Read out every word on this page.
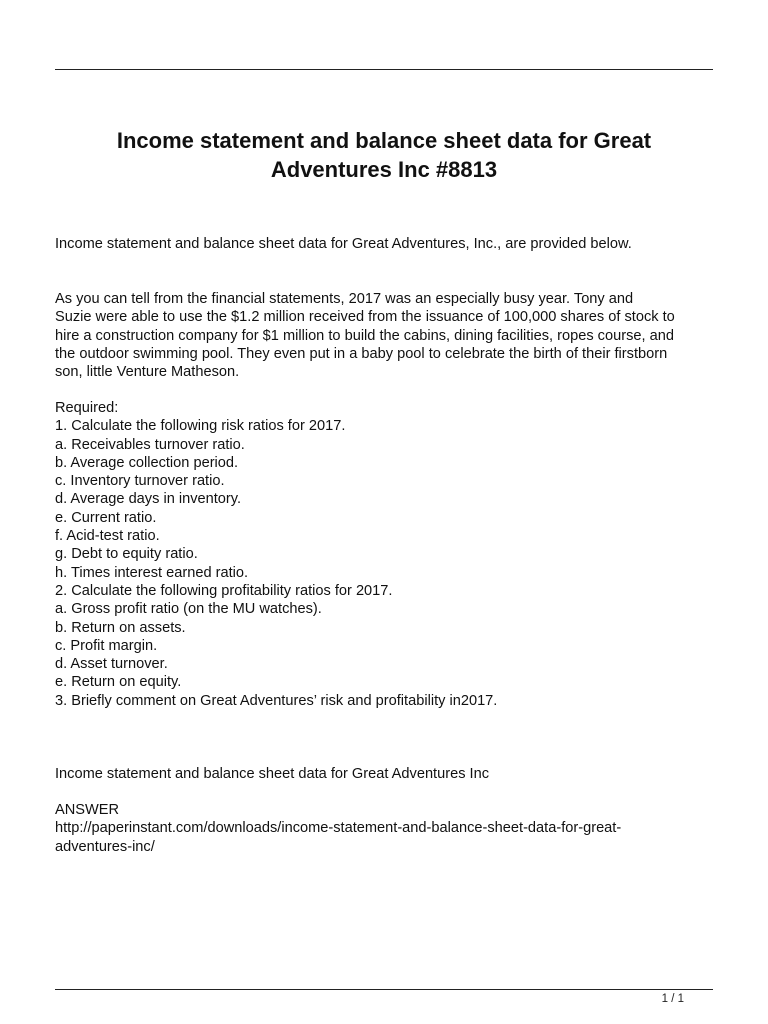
Income statement and balance sheet data for Great
Adventures Inc #8813

Income statement and balance sheet data for Great Adventures, Inc., are provided below.

As you can tell from the financial statements, 2017 was an especially busy year. Tony and
Suzie were able to use the $1.2 million received from the issuance of 100,000 shares of stock to
hire a construction company for $1 million to build the cabins, dining facilities, ropes course, and
the outdoor swimming pool. They even put in a baby pool to celebrate the birth of their firstborn
son, little Venture Matheson.

Required:
1. Calculate the following risk ratios for 2017.
a. Receivables turnover ratio.
b. Average collection period.
c. Inventory turnover ratio.
d. Average days in inventory.
e. Current ratio.
f. Acid-test ratio.
g. Debt to equity ratio.
h. Times interest earned ratio.
2. Calculate the following profitability ratios for 2017.
a. Gross profit ratio (on the MU watches).
b. Return on assets.
c. Profit margin.
d. Asset turnover.
e. Return on equity.
3. Briefly comment on Great Adventures’ risk and profitability in2017.

Income statement and balance sheet data for Great Adventures Inc

ANSWER
http://paperinstant.com/downloads/income-statement-and-balance-sheet-data-for-great-
adventures-inc/
1 / 1
